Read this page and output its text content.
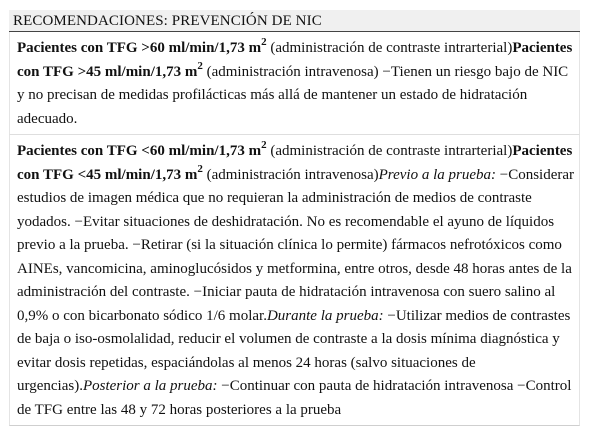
RECOMENDACIONES: PREVENCIÓN DE NIC
Pacientes con TFG >60 ml/min/1,73 $m^2$ (administración de contraste intrarterial)Pacientes con TFG >45 ml/min/1,73 $m^2$ (administración intravenosa) −Tienen un riesgo bajo de NIC y no precisan de medidas profilácticas más allá de mantener un estado de hidratación adecuado.
Pacientes con TFG <60 ml/min/1,73 $m^2$ (administración de contraste intrarterial)Pacientes con TFG <45 ml/min/1,73 $m^2$ (administración intravenosa)Previo a la prueba: −Considerar estudios de imagen médica que no requieran la administración de medios de contraste yodados. −Evitar situaciones de deshidratación. No es recomendable el ayuno de líquidos previo a la prueba. −Retirar (si la situación clínica lo permite) fármacos nefrotóxicos como AINEs, vancomicina, aminoglucósidos y metformina, entre otros, desde 48 horas antes de la administración del contraste. −Iniciar pauta de hidratación intravenosa con suero salino al 0,9% o con bicarbonato sódico 1/6 molar.Durante la prueba: −Utilizar medios de contrastes de baja o iso-osmolalidad, reducir el volumen de contraste a la dosis mínima diagnóstica y evitar dosis repetidas, espaciándolas al menos 24 horas (salvo situaciones de urgencias).Posterior a la prueba: −Continuar con pauta de hidratación intravenosa −Control de TFG entre las 48 y 72 horas posteriores a la prueba
